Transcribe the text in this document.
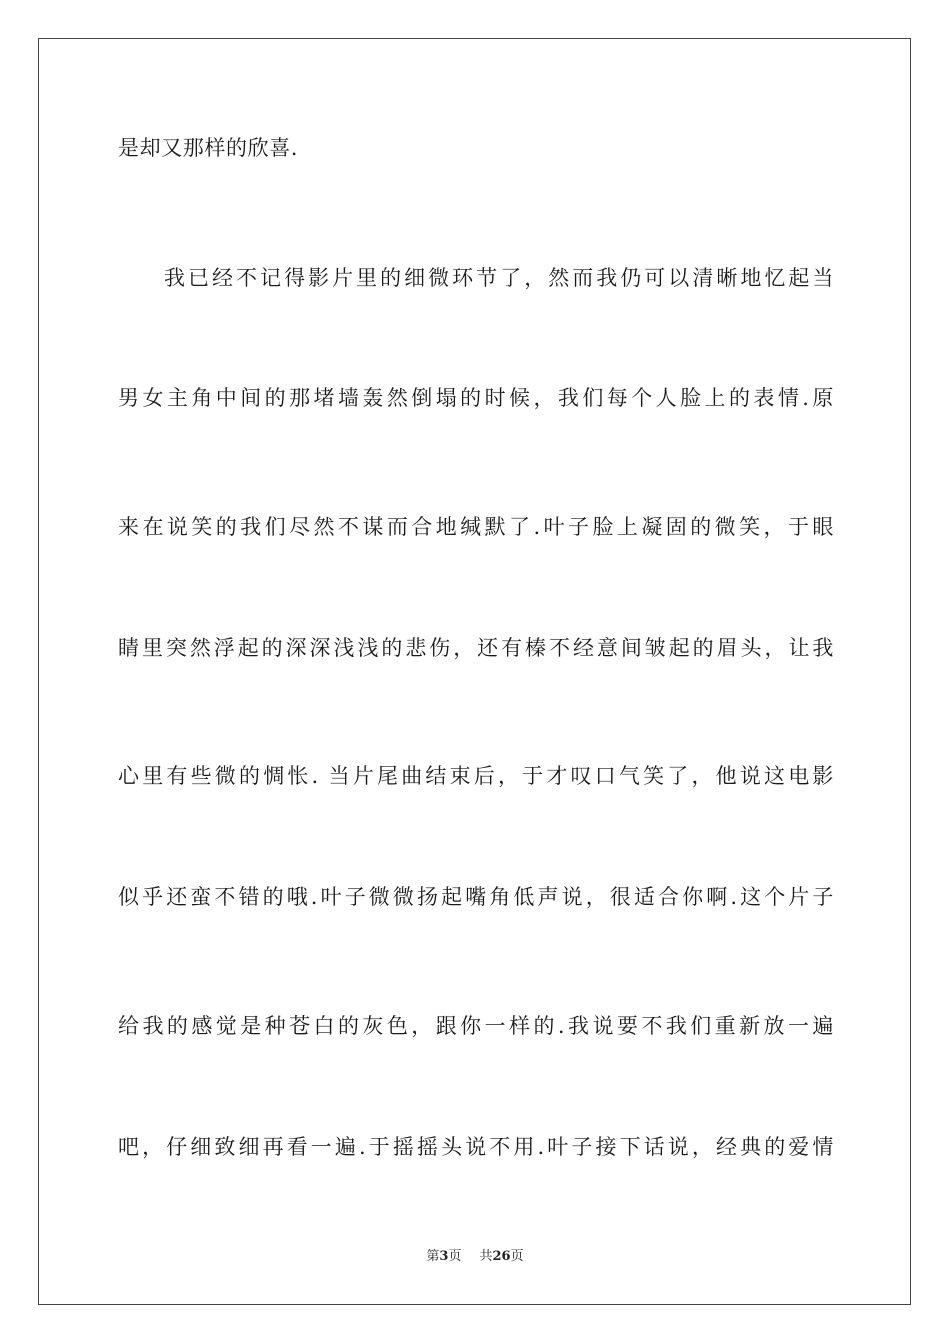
是却又那样的欣喜.
我已经不记得影片里的细微环节了，然而我仍可以清晰地忆起当
男女主角中间的那堵墙轰然倒塌的时候，我们每个人脸上的表情.原
来在说笑的我们尽然不谋而合地缄默了.叶子脸上凝固的微笑，于眼
睛里突然浮起的深深浅浅的悲伤，还有榛不经意间皱起的眉头，让我
心里有些微的惆怅. 当片尾曲结束后，于才叹口气笑了，他说这电影
似乎还蛮不错的哦.叶子微微扬起嘴角低声说，很适合你啊.这个片子
给我的感觉是种苍白的灰色，跟你一样的.我说要不我们重新放一遍
吧，仔细致细再看一遍.于摇摇头说不用.叶子接下话说，经典的爱情
第3页 共26页
